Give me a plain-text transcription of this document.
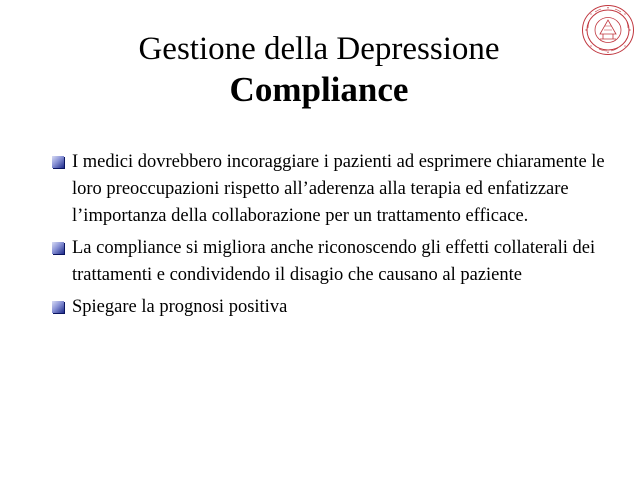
Gestione della Depressione
Compliance
I medici dovrebbero incoraggiare i pazienti ad esprimere chiaramente le loro preoccupazioni rispetto all’aderenza alla terapia ed enfatizzare l’importanza della collaborazione per un trattamento efficace.
La compliance si migliora anche riconoscendo gli effetti collaterali dei trattamenti e condividendo il disagio che causano al paziente
Spiegare la prognosi positiva
